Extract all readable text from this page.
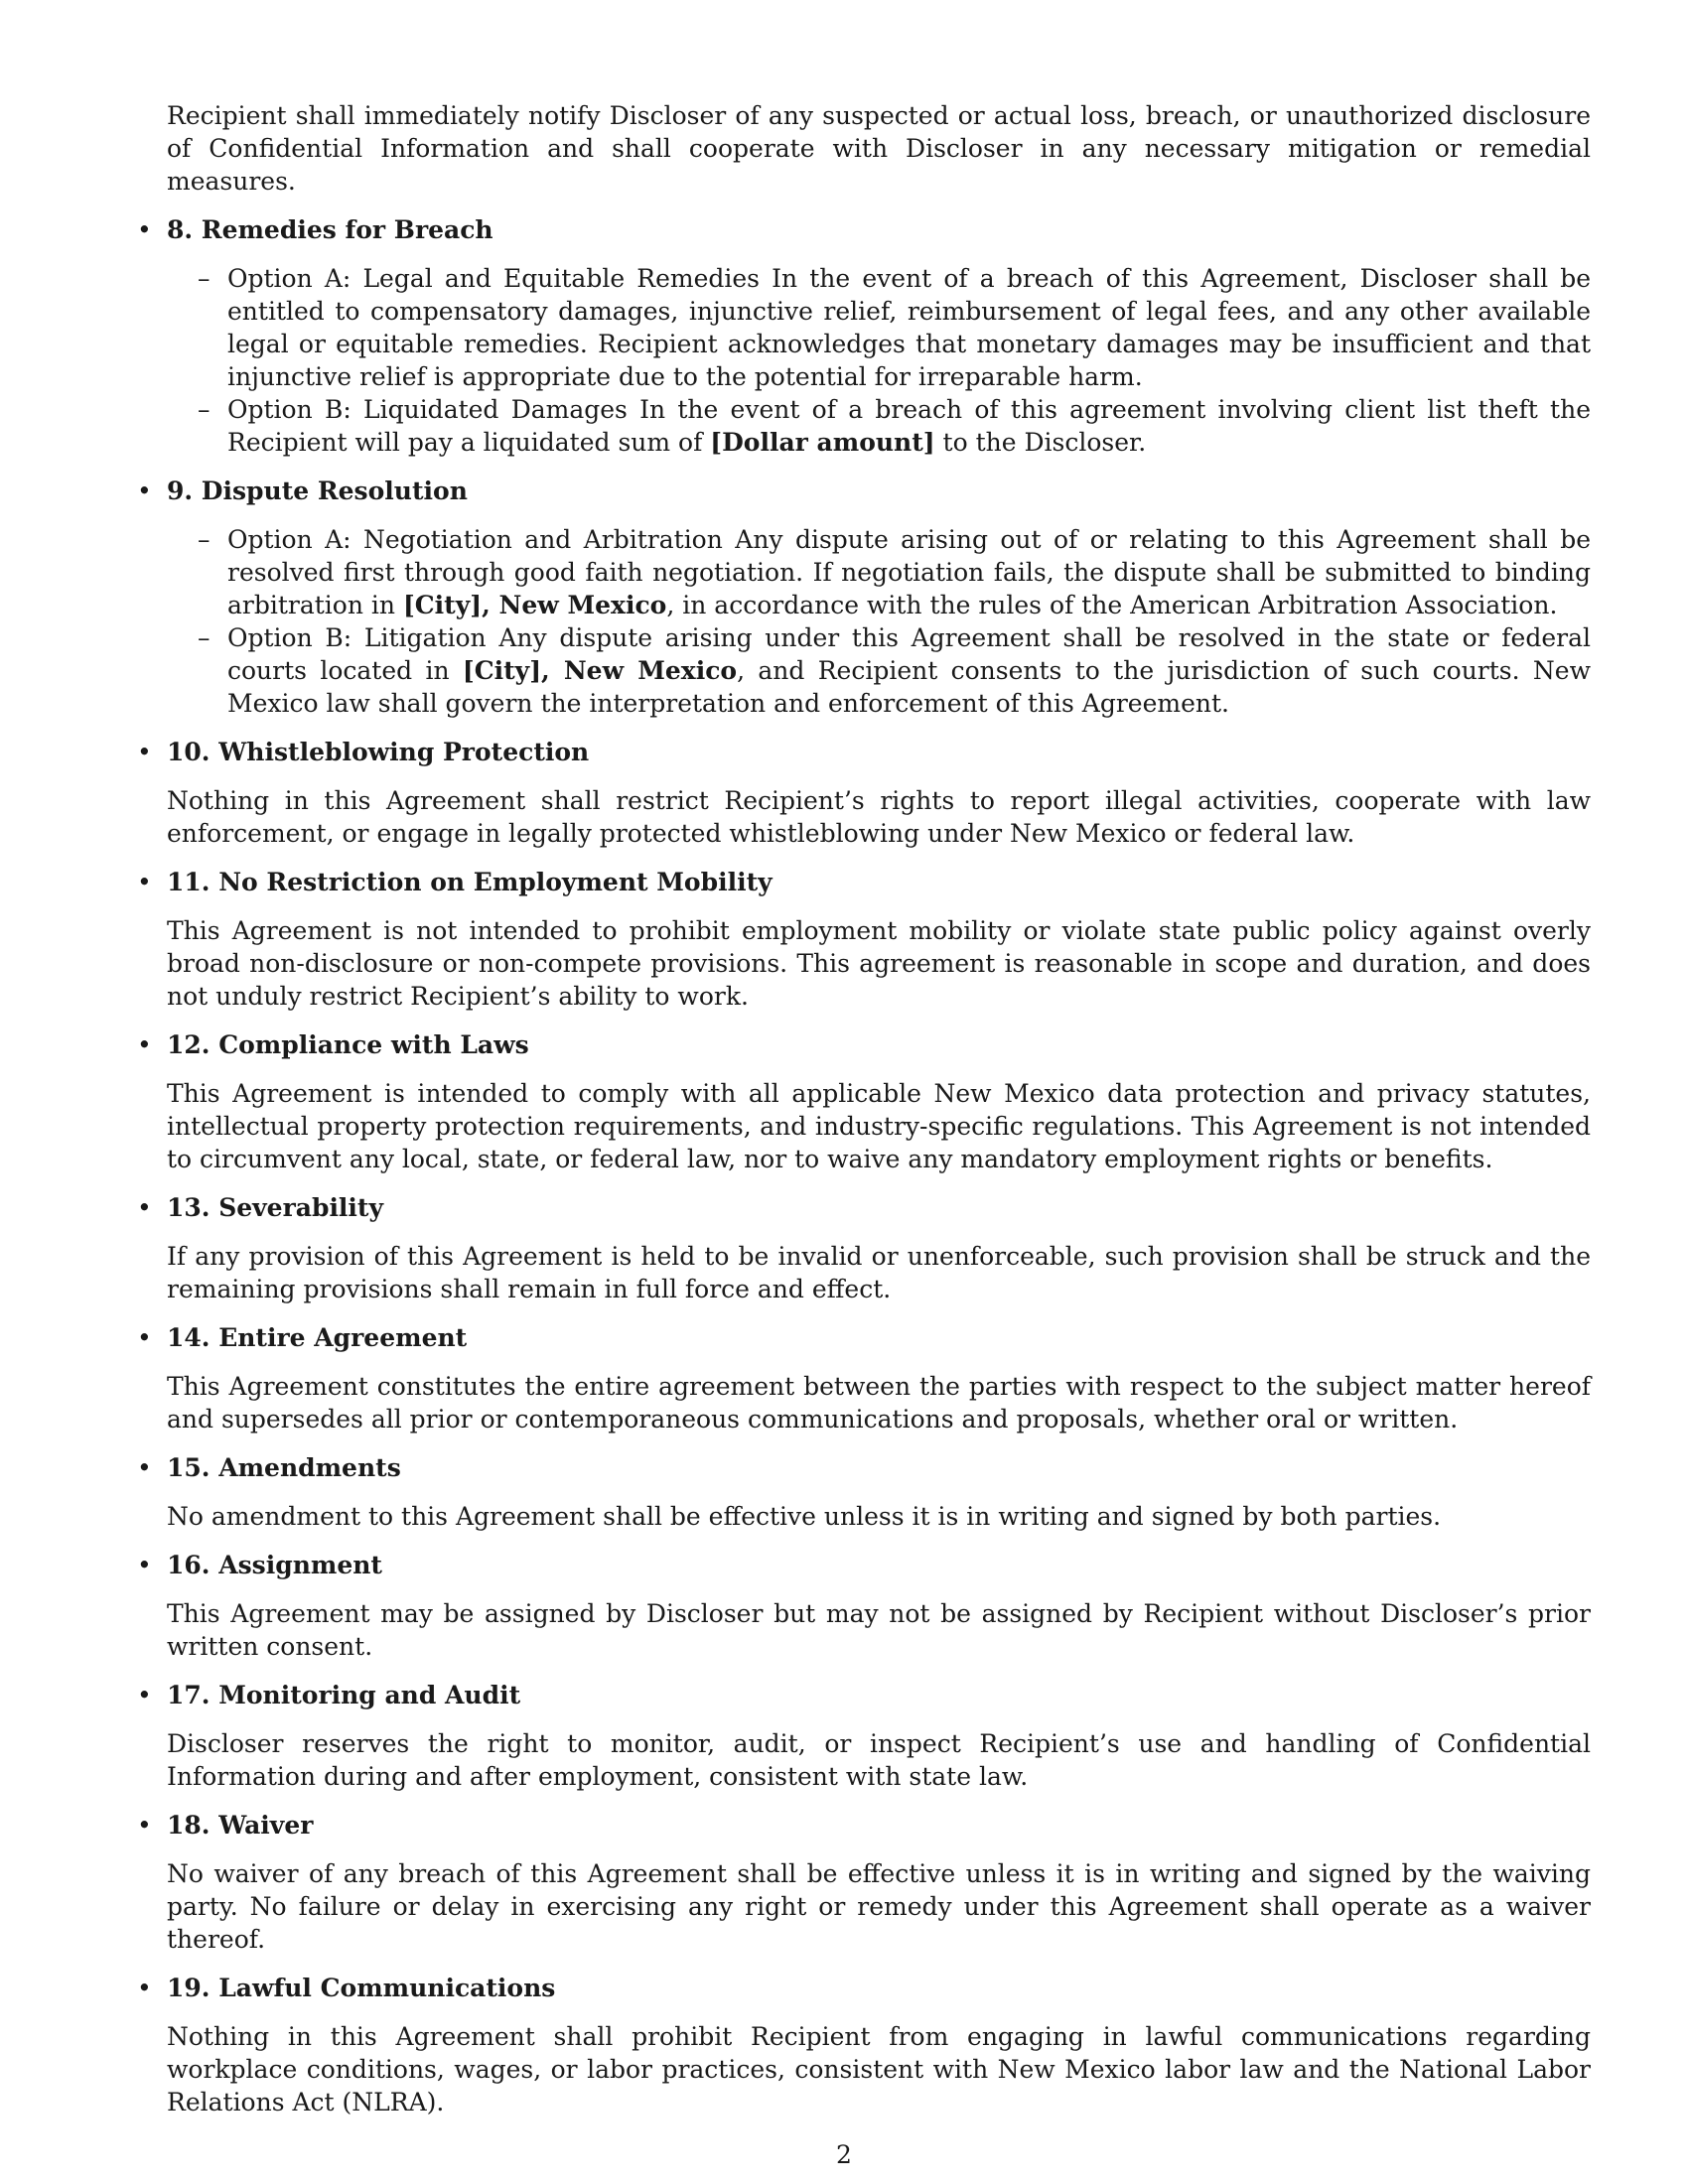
Recipient shall immediately notify Discloser of any suspected or actual loss, breach, or unauthorized disclosure of Confidential Information and shall cooperate with Discloser in any necessary mitigation or remedial measures.

• 8. Remedies for Breach

– Option A: Legal and Equitable Remedies In the event of a breach of this Agreement, Discloser shall be entitled to compensatory damages, injunctive relief, reimbursement of legal fees, and any other available legal or equitable remedies. Recipient acknowledges that monetary damages may be insufficient and that injunctive relief is appropriate due to the potential for irreparable harm.
– Option B: Liquidated Damages In the event of a breach of this agreement involving client list theft the Recipient will pay a liquidated sum of [Dollar amount] to the Discloser.

• 9. Dispute Resolution

– Option A: Negotiation and Arbitration Any dispute arising out of or relating to this Agreement shall be resolved first through good faith negotiation. If negotiation fails, the dispute shall be submitted to binding arbitration in [City], New Mexico, in accordance with the rules of the American Arbitration Association.
– Option B: Litigation Any dispute arising under this Agreement shall be resolved in the state or federal courts located in [City], New Mexico, and Recipient consents to the jurisdiction of such courts. New Mexico law shall govern the interpretation and enforcement of this Agreement.

• 10. Whistleblowing Protection

Nothing in this Agreement shall restrict Recipient’s rights to report illegal activities, cooperate with law enforcement, or engage in legally protected whistleblowing under New Mexico or federal law.

• 11. No Restriction on Employment Mobility

This Agreement is not intended to prohibit employment mobility or violate state public policy against overly broad non-disclosure or non-compete provisions. This agreement is reasonable in scope and duration, and does not unduly restrict Recipient’s ability to work.

• 12. Compliance with Laws

This Agreement is intended to comply with all applicable New Mexico data protection and privacy statutes, intellectual property protection requirements, and industry-specific regulations. This Agreement is not intended to circumvent any local, state, or federal law, nor to waive any mandatory employment rights or benefits.

• 13. Severability

If any provision of this Agreement is held to be invalid or unenforceable, such provision shall be struck and the remaining provisions shall remain in full force and effect.

• 14. Entire Agreement

This Agreement constitutes the entire agreement between the parties with respect to the subject matter hereof and supersedes all prior or contemporaneous communications and proposals, whether oral or written.

• 15. Amendments

No amendment to this Agreement shall be effective unless it is in writing and signed by both parties.

• 16. Assignment

This Agreement may be assigned by Discloser but may not be assigned by Recipient without Discloser’s prior written consent.

• 17. Monitoring and Audit

Discloser reserves the right to monitor, audit, or inspect Recipient’s use and handling of Confidential Information during and after employment, consistent with state law.

• 18. Waiver

No waiver of any breach of this Agreement shall be effective unless it is in writing and signed by the waiving party. No failure or delay in exercising any right or remedy under this Agreement shall operate as a waiver thereof.

• 19. Lawful Communications

Nothing in this Agreement shall prohibit Recipient from engaging in lawful communications regarding workplace conditions, wages, or labor practices, consistent with New Mexico labor law and the National Labor Relations Act (NLRA).

2
